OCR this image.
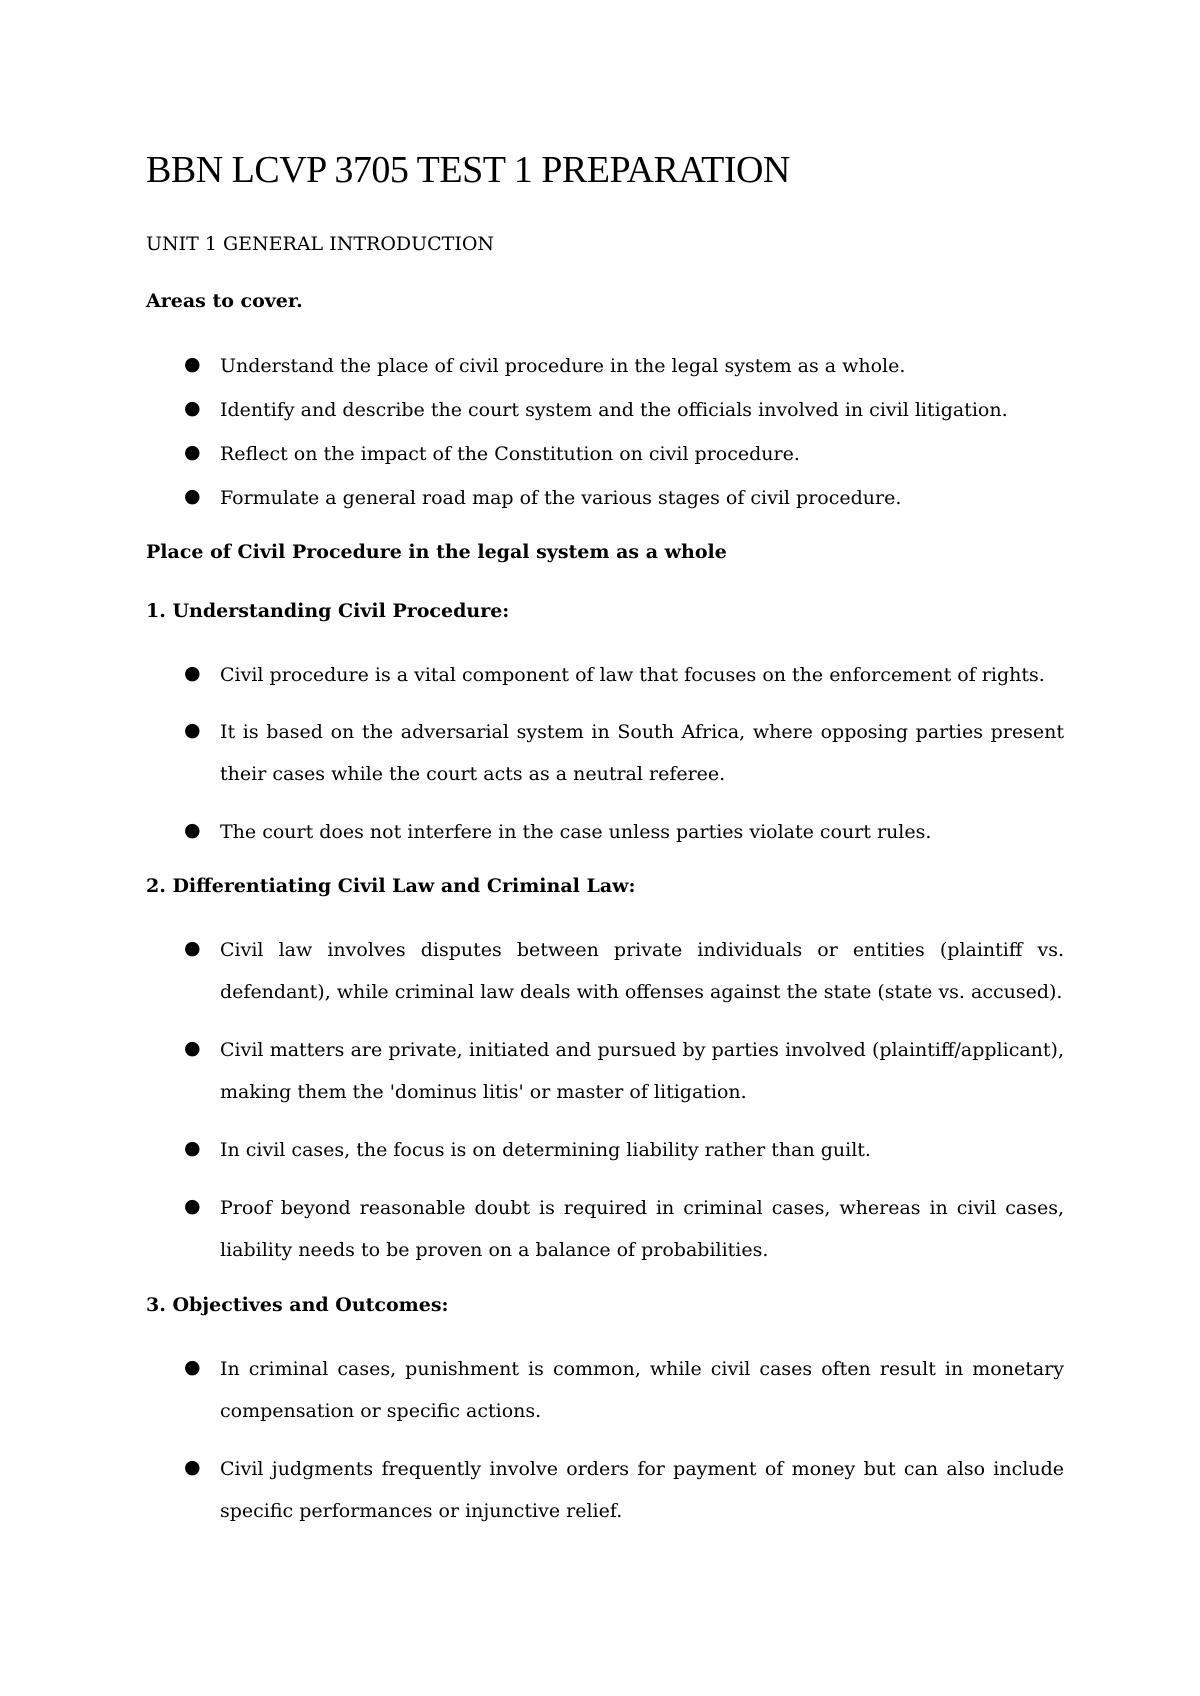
BBN LCVP 3705 TEST 1 PREPARATION

UNIT 1 GENERAL INTRODUCTION

Areas to cover.

● Understand the place of civil procedure in the legal system as a whole.
● Identify and describe the court system and the officials involved in civil litigation.
● Reflect on the impact of the Constitution on civil procedure.
● Formulate a general road map of the various stages of civil procedure.

Place of Civil Procedure in the legal system as a whole

1. Understanding Civil Procedure:

● Civil procedure is a vital component of law that focuses on the enforcement of rights.
● It is based on the adversarial system in South Africa, where opposing parties present their cases while the court acts as a neutral referee.
● The court does not interfere in the case unless parties violate court rules.

2. Differentiating Civil Law and Criminal Law:

● Civil law involves disputes between private individuals or entities (plaintiff vs. defendant), while criminal law deals with offenses against the state (state vs. accused).
● Civil matters are private, initiated and pursued by parties involved (plaintiff/applicant), making them the 'dominus litis' or master of litigation.
● In civil cases, the focus is on determining liability rather than guilt.
● Proof beyond reasonable doubt is required in criminal cases, whereas in civil cases, liability needs to be proven on a balance of probabilities.

3. Objectives and Outcomes:

● In criminal cases, punishment is common, while civil cases often result in monetary compensation or specific actions.
● Civil judgments frequently involve orders for payment of money but can also include specific performances or injunctive relief.
